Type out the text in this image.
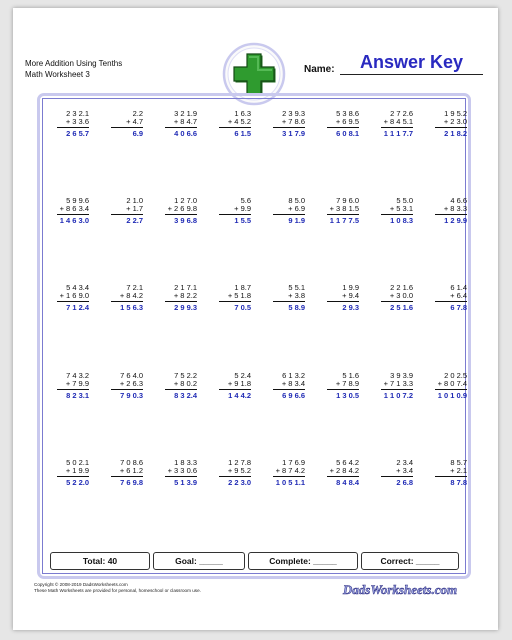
More Addition Using Tenths
Math Worksheet 3
Answer Key
Name:
2 3 2.1
+ 3 3.6
2 6 5.7
2.2
+ 4.7
6.9
3 2 1.9
+ 8 4.7
4 0 6.6
1 6.3
+ 4 5.2
6 1.5
2 3 9.3
+ 7 8.6
3 1 7.9
5 3 8.6
+ 6 9.5
6 0 8.1
2 7 2.6
+ 8 4 5.1
1 1 1 7.7
1 9 5.2
+ 2 3.0
2 1 8.2
5 9 9.6
+ 8 6 3.4
1 4 6 3.0
2 1.0
+ 1.7
2 2.7
1 2 7.0
+ 2 6 9.8
3 9 6.8
5.6
+ 9.9
1 5.5
8 5.0
+ 6.9
9 1.9
7 9 6.0
+ 3 8 1.5
1 1 7 7.5
5 5.0
+ 5 3.1
1 0 8.3
4 6.6
+ 8 3.3
1 2 9.9
5 4 3.4
+ 1 6 9.0
7 1 2.4
7 2.1
+ 8 4.2
1 5 6.3
2 1 7.1
+ 8 2.2
2 9 9.3
1 8.7
+ 5 1.8
7 0.5
5 5.1
+ 3.8
5 8.9
1 9.9
+ 9.4
2 9.3
2 2 1.6
+ 3 0.0
2 5 1.6
6 1.4
+ 6.4
6 7.8
7 4 3.2
+ 7 9.9
8 2 3.1
7 6 4.0
+ 2 6.3
7 9 0.3
7 5 2.2
+ 8 0.2
8 3 2.4
5 2.4
+ 9 1.8
1 4 4.2
6 1 3.2
+ 8 3.4
6 9 6.6
5 1.6
+ 7 8.9
1 3 0.5
3 9 3.9
+ 7 1 3.3
1 1 0 7.2
2 0 2.5
+ 8 0 7.4
1 0 1 0.9
5 0 2.1
+ 1 9.9
5 2 2.0
7 0 8.6
+ 6 1.2
7 6 9.8
1 8 3.3
+ 3 3 0.6
5 1 3.9
1 2 7.8
+ 9 5.2
2 2 3.0
1 7 6.9
+ 8 7 4.2
1 0 5 1.1
5 6 4.2
+ 2 8 4.2
8 4 8.4
2 3.4
+ 3.4
2 6.8
8 5.7
+ 2.1
8 7.8
Total: 40	Goal: _____	Complete: _____	Correct: _____
Copyright © 2008-2019 DadsWorksheets.com
These Math Worksheets are provided for personal, homeschool or classroom use.	DadsWorksheets.com
